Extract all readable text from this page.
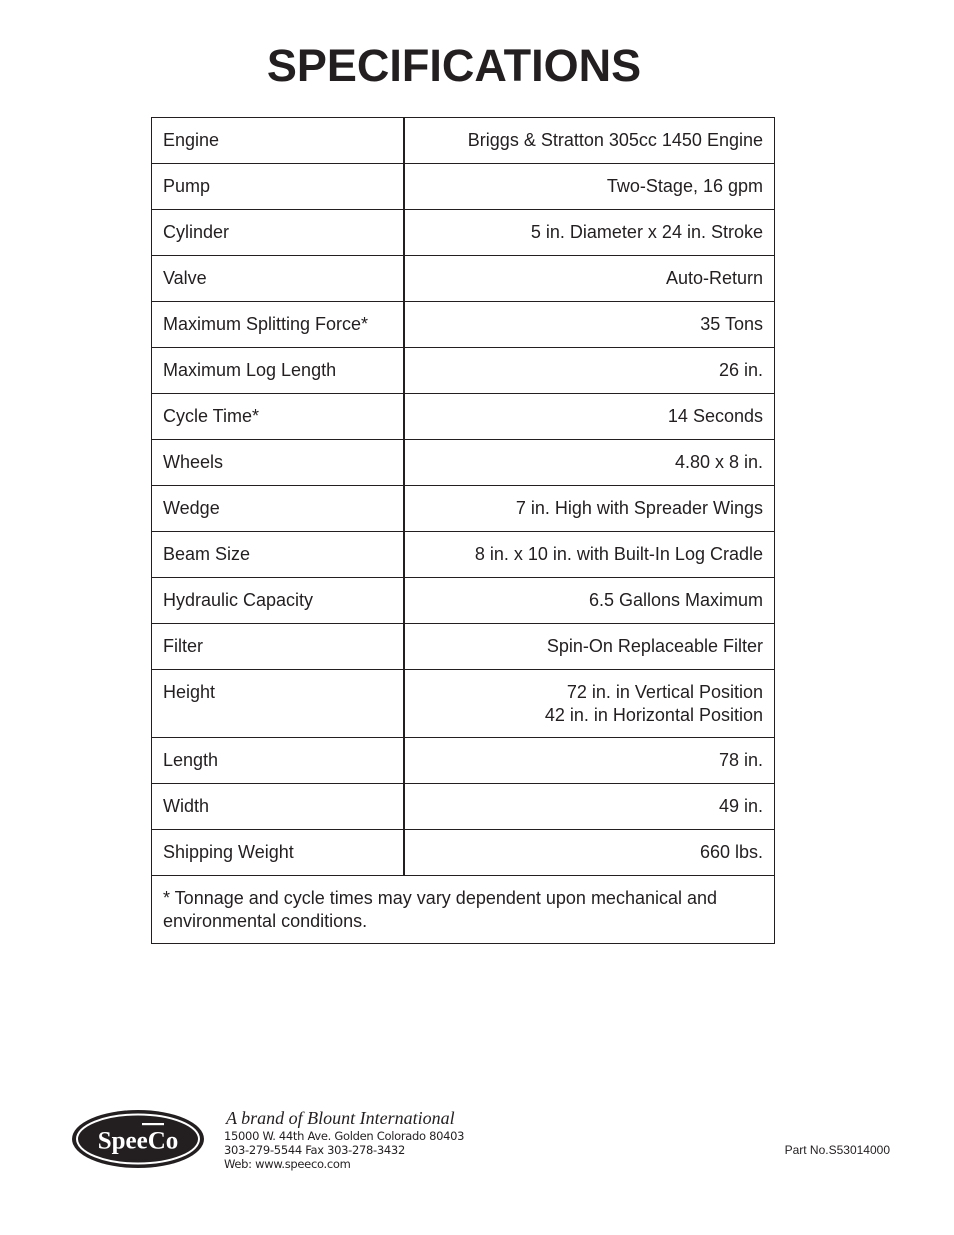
SPECIFICATIONS
Engine	Briggs & Stratton 305cc 1450 Engine
Pump	Two-Stage, 16 gpm
Cylinder	5 in. Diameter x 24 in. Stroke
Valve	Auto-Return
Maximum Splitting Force*	35 Tons
Maximum Log Length	26 in.
Cycle Time*	14 Seconds
Wheels	4.80 x 8 in.
Wedge	7 in. High with Spreader Wings
Beam Size	8 in. x 10 in. with Built-In Log Cradle
Hydraulic Capacity	6.5 Gallons Maximum
Filter	Spin-On Replaceable Filter
Height	72 in. in Vertical Position
42 in. in Horizontal Position

Length	78 in.
Width	49 in.
Shipping Weight	660 lbs.
* Tonnage and cycle times may vary dependent upon mechanical and environmental conditions.	
SpeeCo
A brand of Blount International
15000 W. 44th Ave. Golden Colorado 80403
303-279-5544 Fax 303-278-3432
Web: www.speeco.com
Part No.S53014000
